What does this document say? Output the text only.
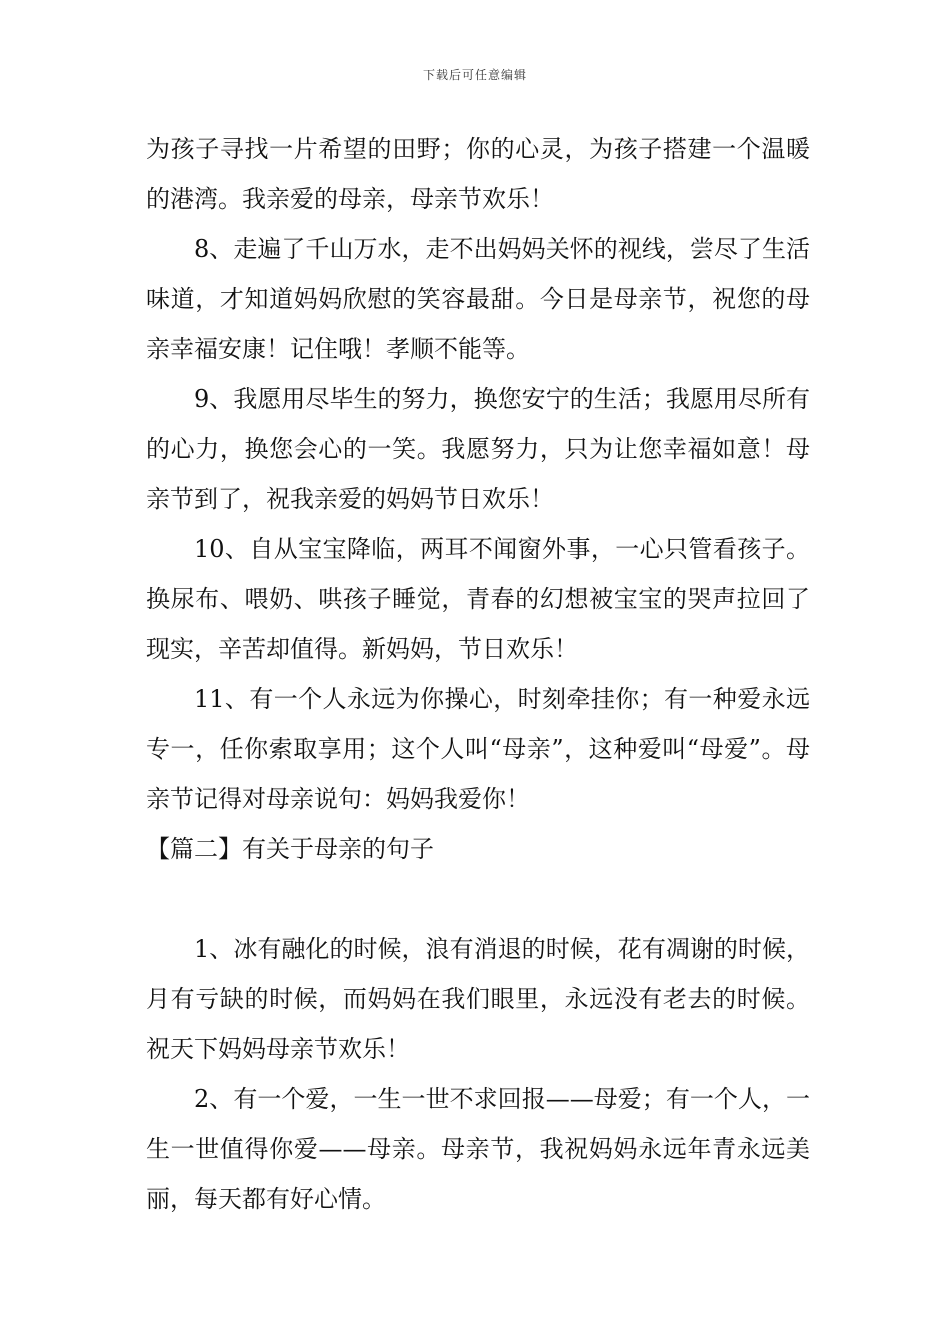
下载后可任意编辑

为孩子寻找一片希望的田野；你的心灵，为孩子搭建一个温暖的港湾。我亲爱的母亲，母亲节欢乐！

8、走遍了千山万水，走不出妈妈关怀的视线，尝尽了生活味道，才知道妈妈欣慰的笑容最甜。今日是母亲节，祝您的母亲幸福安康！记住哦！孝顺不能等。

9、我愿用尽毕生的努力，换您安宁的生活；我愿用尽所有的心力，换您会心的一笑。我愿努力，只为让您幸福如意！母亲节到了，祝我亲爱的妈妈节日欢乐！

10、自从宝宝降临，两耳不闻窗外事，一心只管看孩子。换尿布、喂奶、哄孩子睡觉，青春的幻想被宝宝的哭声拉回了现实，辛苦却值得。新妈妈，节日欢乐！

11、有一个人永远为你操心，时刻牵挂你；有一种爱永远专一，任你索取享用；这个人叫“母亲”，这种爱叫“母爱”。母亲节记得对母亲说句：妈妈我爱你！

【篇二】有关于母亲的句子

1、冰有融化的时候，浪有消退的时候，花有凋谢的时候，月有亏缺的时候，而妈妈在我们眼里，永远没有老去的时候。祝天下妈妈母亲节欢乐！

2、有一个爱，一生一世不求回报——母爱；有一个人，一生一世值得你爱——母亲。母亲节，我祝妈妈永远年青永远美丽，每天都有好心情。
